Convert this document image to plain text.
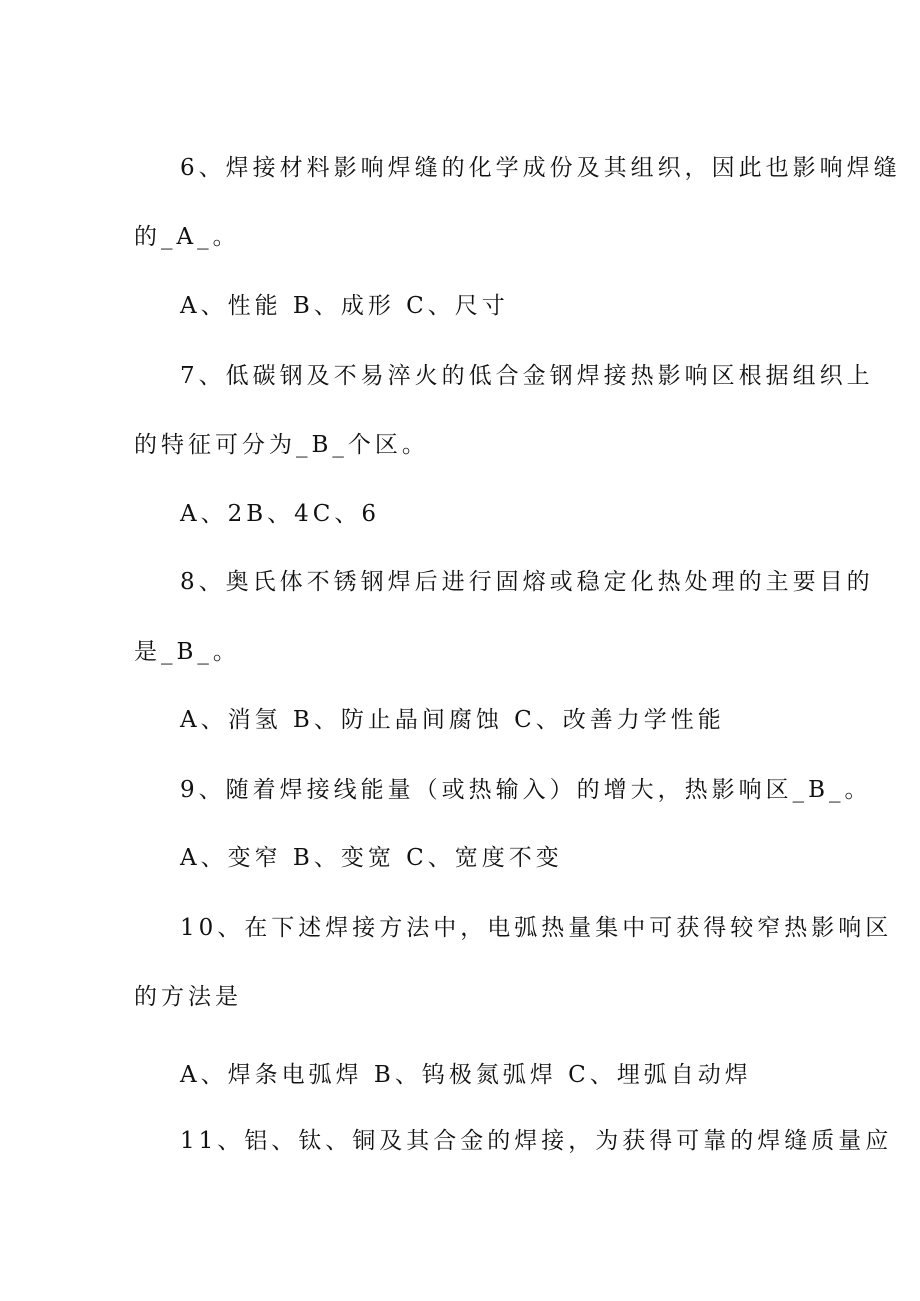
6、焊接材料影响焊缝的化学成份及其组织，因此也影响焊缝
的_A_。
A、性能 B、成形 C、尺寸
7、低碳钢及不易淬火的低合金钢焊接热影响区根据组织上
的特征可分为_B_个区。
A、2B、4C、6
8、奥氏体不锈钢焊后进行固熔或稳定化热处理的主要目的
是_B_。
A、消氢 B、防止晶间腐蚀 C、改善力学性能
9、随着焊接线能量（或热输入）的增大，热影响区_B_。
A、变窄 B、变宽 C、宽度不变
10、在下述焊接方法中，电弧热量集中可获得较窄热影响区
的方法是
A、焊条电弧焊 B、钨极氮弧焊 C、埋弧自动焊
11、铝、钛、铜及其合金的焊接，为获得可靠的焊缝质量应
